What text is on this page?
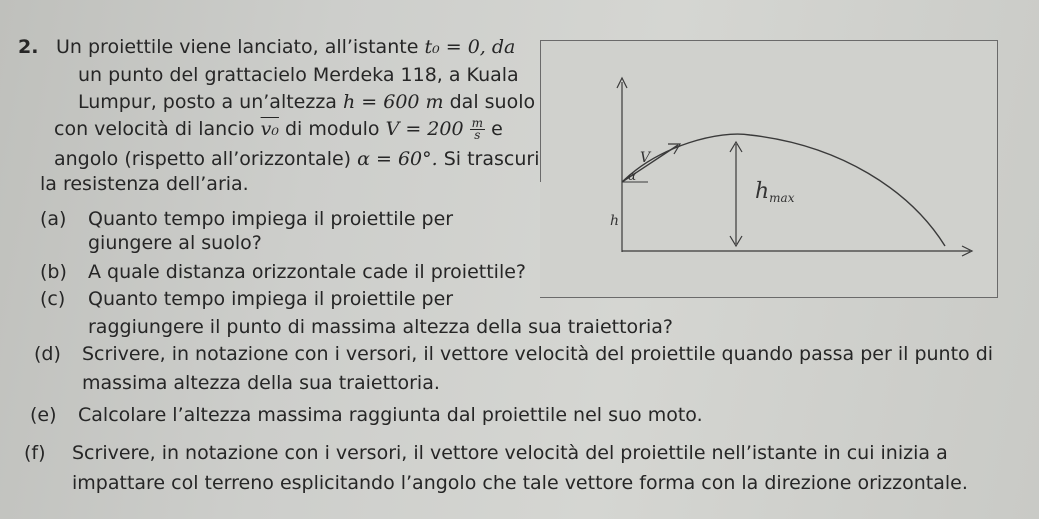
2. Un proiettile viene lanciato, all’istante t₀ = 0, da
un punto del grattacielo Merdeka 118, a Kuala
Lumpur, posto a un’altezza h = 600 m dal suolo
con velocità di lancio v₀ di modulo $V = 200 \frac{m}{s}$ e
angolo (rispetto all’orizzontale) α = 60°. Si trascuri
la resistenza dell’aria.
(a) Quanto tempo impiega il proiettile per
giungere al suolo?
(b) A quale distanza orizzontale cade il proiettile?
(c) Quanto tempo impiega il proiettile per
raggiungere il punto di massima altezza della sua traiettoria?
(d) Scrivere, in notazione con i versori, il vettore velocità del proiettile quando passa per il punto di
massima altezza della sua traiettoria.
(e) Calcolare l’altezza massima raggiunta dal proiettile nel suo moto.
(f) Scrivere, in notazione con i versori, il vettore velocità del proiettile nell’istante in cui inizia a
impattare col terreno esplicitando l’angolo che tale vettore forma con la direzione orizzontale.
V
α
h
hmax
